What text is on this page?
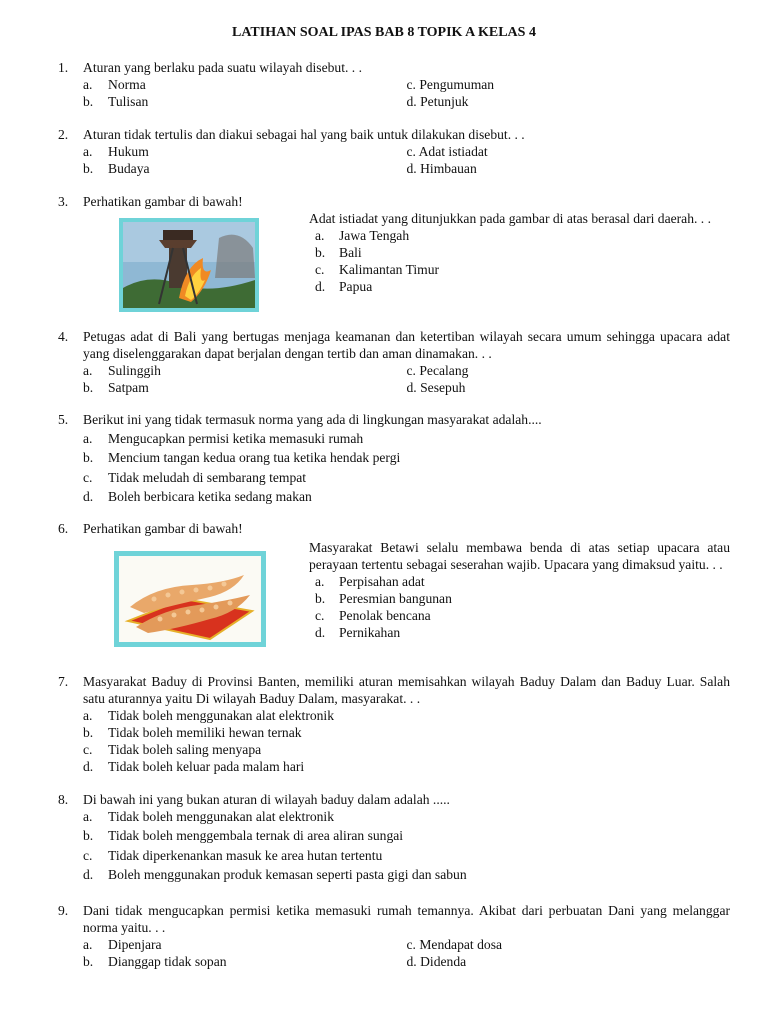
LATIHAN SOAL IPAS BAB 8 TOPIK A KELAS 4
1. Aturan yang berlaku pada suatu wilayah disebut. . .
a. Norma
b. Tulisan
c. Pengumuman
d. Petunjuk
2. Aturan tidak tertulis dan diakui sebagai hal yang baik untuk dilakukan disebut. . .
a. Hukum
b. Budaya
c. Adat istiadat
d. Himbauan
3. Perhatikan gambar di bawah!
Adat istiadat yang ditunjukkan pada gambar di atas berasal dari daerah. . .
a. Jawa Tengah
b. Bali
c. Kalimantan Timur
d. Papua
4. Petugas adat di Bali yang bertugas menjaga keamanan dan ketertiban wilayah secara umum sehingga upacara adat yang diselenggarakan dapat berjalan dengan tertib dan aman dinamakan. . .
a. Sulinggih
b. Satpam
c. Pecalang
d. Sesepuh
5. Berikut ini yang tidak termasuk norma yang ada di lingkungan masyarakat adalah....
a. Mengucapkan permisi ketika memasuki rumah
b. Mencium tangan kedua orang tua ketika hendak pergi
c. Tidak meludah di sembarang tempat
d. Boleh berbicara ketika sedang makan
6. Perhatikan gambar di bawah!
Masyarakat Betawi selalu membawa benda di atas setiap upacara atau perayaan tertentu sebagai seserahan wajib. Upacara yang dimaksud yaitu. . .
a. Perpisahan adat
b. Peresmian bangunan
c. Penolak bencana
d. Pernikahan
7. Masyarakat Baduy di Provinsi Banten, memiliki aturan memisahkan wilayah Baduy Dalam dan Baduy Luar. Salah satu aturannya yaitu Di wilayah Baduy Dalam, masyarakat. . .
a. Tidak boleh menggunakan alat elektronik
b. Tidak boleh memiliki hewan ternak
c. Tidak boleh saling menyapa
d. Tidak boleh keluar pada malam hari
8. Di bawah ini yang bukan aturan di wilayah baduy dalam adalah .....
a. Tidak boleh menggunakan alat elektronik
b. Tidak boleh menggembala ternak di area aliran sungai
c. Tidak diperkenankan masuk ke area hutan tertentu
d. Boleh menggunakan produk kemasan seperti pasta gigi dan sabun
9. Dani tidak mengucapkan permisi ketika memasuki rumah temannya. Akibat dari perbuatan Dani yang melanggar norma yaitu. . .
a. Dipenjara
b. Dianggap tidak sopan
c. Mendapat dosa
d. Didenda
